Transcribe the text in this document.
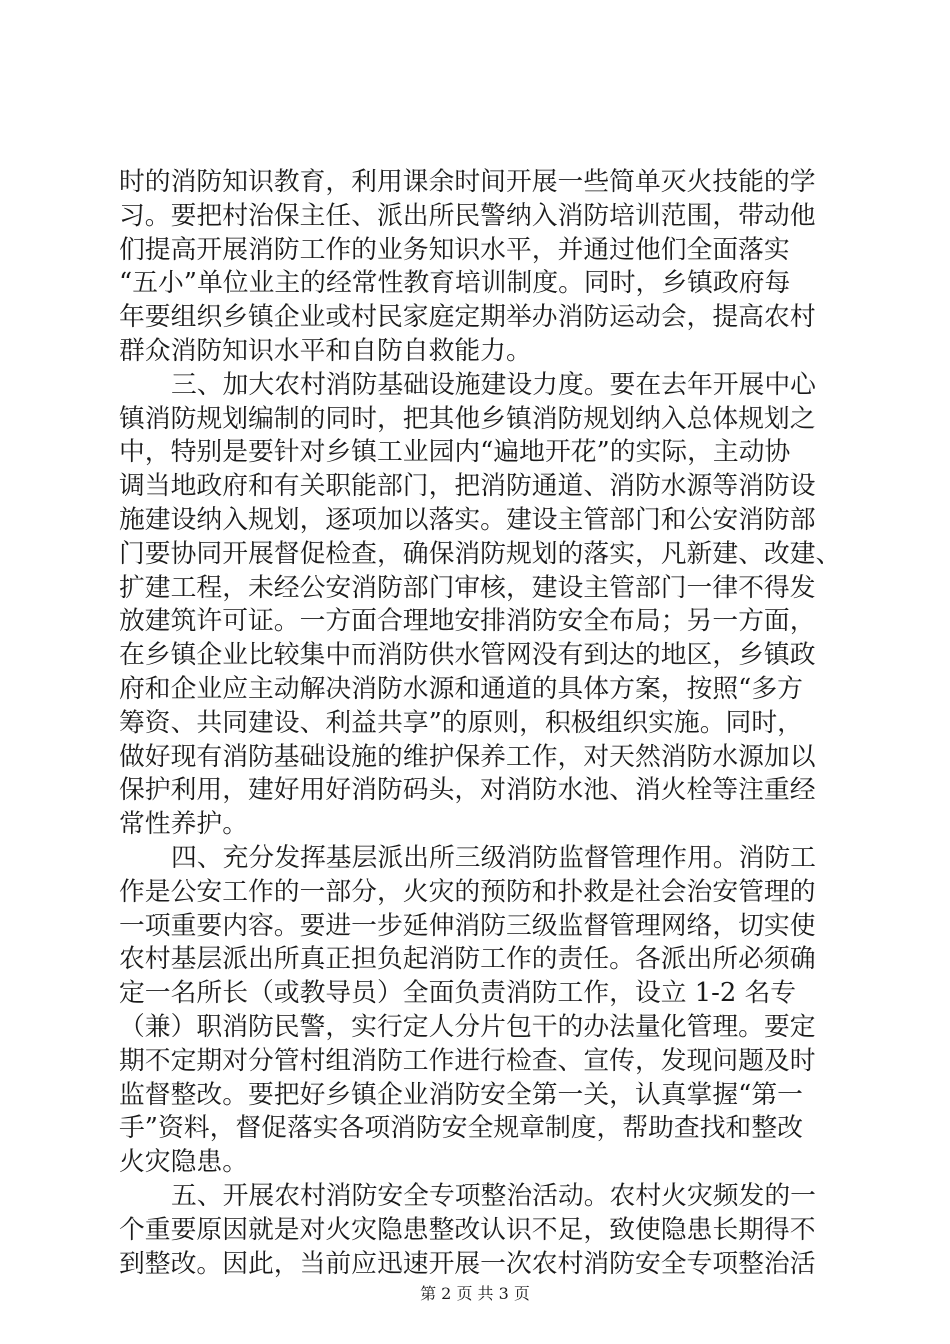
时的消防知识教育，利用课余时间开展一些简单灭火技能的学
习。要把村治保主任、派出所民警纳入消防培训范围，带动他
们提高开展消防工作的业务知识水平，并通过他们全面落实
“五小”单位业主的经常性教育培训制度。同时，乡镇政府每
年要组织乡镇企业或村民家庭定期举办消防运动会，提高农村
群众消防知识水平和自防自救能力。
三、加大农村消防基础设施建设力度。要在去年开展中心
镇消防规划编制的同时，把其他乡镇消防规划纳入总体规划之
中，特别是要针对乡镇工业园内“遍地开花”的实际，主动协
调当地政府和有关职能部门，把消防通道、消防水源等消防设
施建设纳入规划，逐项加以落实。建设主管部门和公安消防部
门要协同开展督促检查，确保消防规划的落实，凡新建、改建、
扩建工程，未经公安消防部门审核，建设主管部门一律不得发
放建筑许可证。一方面合理地安排消防安全布局；另一方面，
在乡镇企业比较集中而消防供水管网没有到达的地区，乡镇政
府和企业应主动解决消防水源和通道的具体方案，按照“多方
筹资、共同建设、利益共享”的原则，积极组织实施。同时，
做好现有消防基础设施的维护保养工作，对天然消防水源加以
保护利用，建好用好消防码头，对消防水池、消火栓等注重经
常性养护。
四、充分发挥基层派出所三级消防监督管理作用。消防工
作是公安工作的一部分，火灾的预防和扑救是社会治安管理的
一项重要内容。要进一步延伸消防三级监督管理网络，切实使
农村基层派出所真正担负起消防工作的责任。各派出所必须确
定一名所长（或教导员）全面负责消防工作，设立 1-2 名专
（兼）职消防民警，实行定人分片包干的办法量化管理。要定
期不定期对分管村组消防工作进行检查、宣传，发现问题及时
监督整改。要把好乡镇企业消防安全第一关，认真掌握“第一
手”资料，督促落实各项消防安全规章制度，帮助查找和整改
火灾隐患。
五、开展农村消防安全专项整治活动。农村火灾频发的一
个重要原因就是对火灾隐患整改认识不足，致使隐患长期得不
到整改。因此，当前应迅速开展一次农村消防安全专项整治活
第 2 页 共 3 页
